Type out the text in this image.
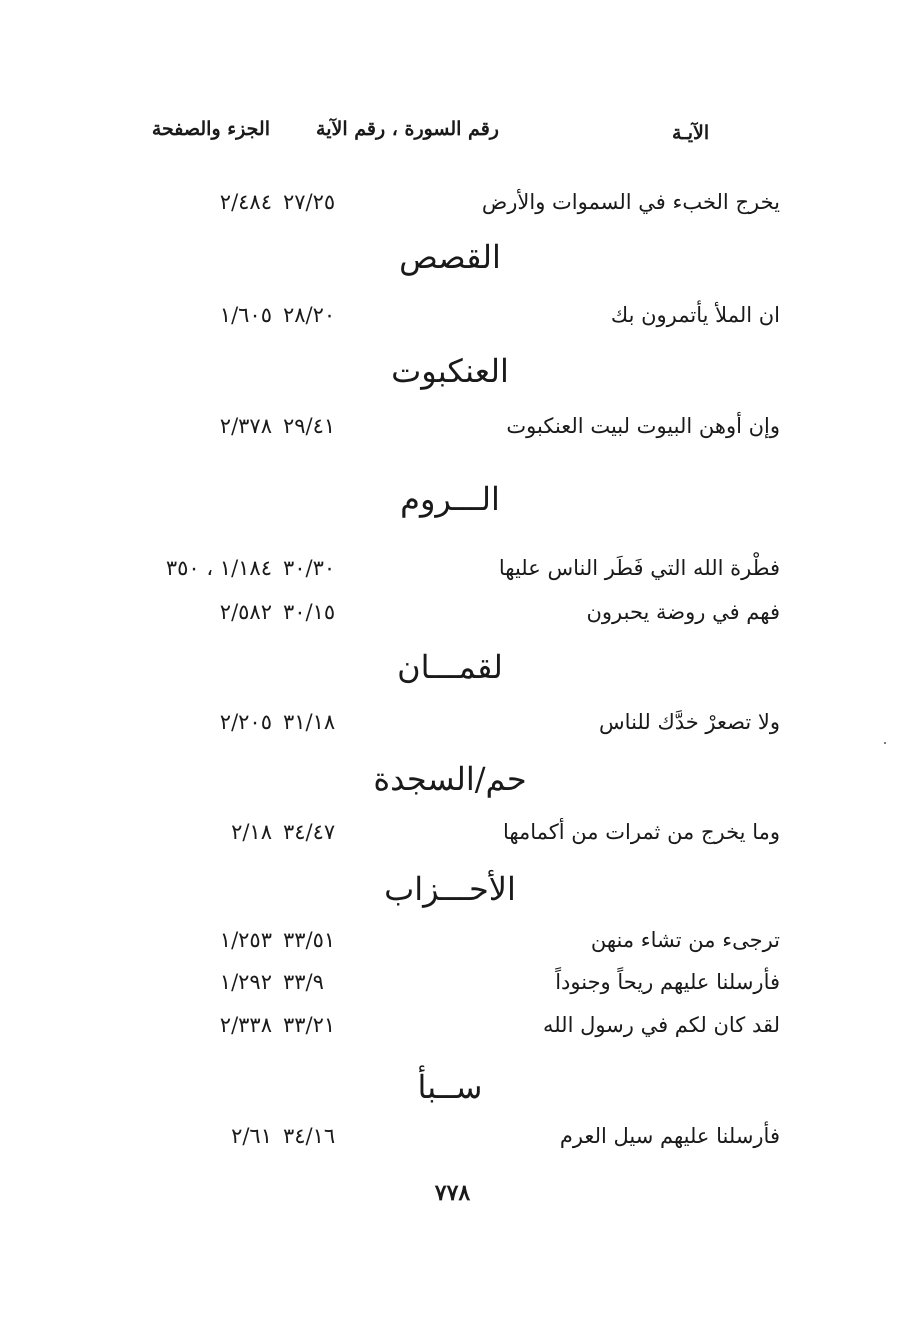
الآيـة
رقم السورة ، رقم الآية
الجزء والصفحة
يخرج الخبء في السموات والأرض
٢٧/٢٥
٢/٤٨٤
القصص
ان الملأ يأتمرون بك
٢٨/٢٠
١/٦٠٥
العنكبوت
وإن أوهن البيوت لبيت العنكبوت
٢٩/٤١
٢/٣٧٨
الـــروم
فطْرة الله التي فَطَر الناس عليها
٣٠/٣٠
١/١٨٤ ، ٣٥٠
فهم في روضة يحبرون
٣٠/١٥
٢/٥٨٢
لقمـــان
ولا تصعرْ خدَّك للناس
٣١/١٨
٢/٢٠٥
حم/السجدة
وما يخرج من ثمرات من أكمامها
٣٤/٤٧
٢/١٨
الأحـــزاب
ترجىء من تشاء منهن
٣٣/٥١
١/٢٥٣
فأرسلنا عليهم ريحاً وجنوداً
٣٣/٩
١/٢٩٢
لقد كان لكم في رسول الله
٣٣/٢١
٢/٣٣٨
ســبأ
فأرسلنا عليهم سيل العرم
٣٤/١٦
٢/٦١
٧٧٨
